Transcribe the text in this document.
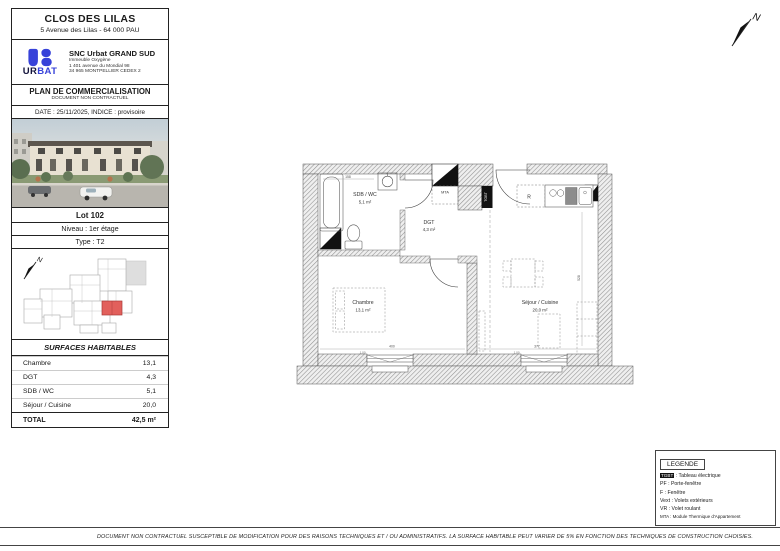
CLOS DES LILAS
5 Avenue des Lilas - 64 000 PAU
URBAT
SNC Urbat GRAND SUD
Immeuble Oxygène
1 401 avenue du Mondial 98
34 965 MONTPELLIER CEDEX 2
PLAN DE COMMERCIALISATION
DOCUMENT NON CONTRACTUEL
DATE : 25/11/2025, INDICE : provisoire
Lot 102
Niveau : 1er étage
Type : T2
N
SURFACES HABITABLES
Chambre	13,1
DGT	4,3
SDB / WC	5,1
Séjour / Cuisine	20,0
TOTAL	42,5 m²
N
MTA	TGBT	R
1,00	1,00
158
400	377
528
SDB / WC
5,1 m²
DGT
4,3 m²
Chambre
13,1 m²
Séjour / Cuisine
20,0 m²
LEGENDE
TGBT : Tableau électrique
PF : Porte-fenêtre
F : Fenêtre
Vext : Volets extérieurs
VR : Volet roulant
MTA : Module Thermique d'Appartement
DOCUMENT NON CONTRACTUEL SUSCEPTIBLE DE MODIFICATION POUR DES RAISONS TECHNIQUES ET / OU ADMINISTRATIFS. LA SURFACE HABITABLE PEUT VARIER DE 5% EN FONCTION DES TECHNIQUES DE CONSTRUCTION CHOISIES.
